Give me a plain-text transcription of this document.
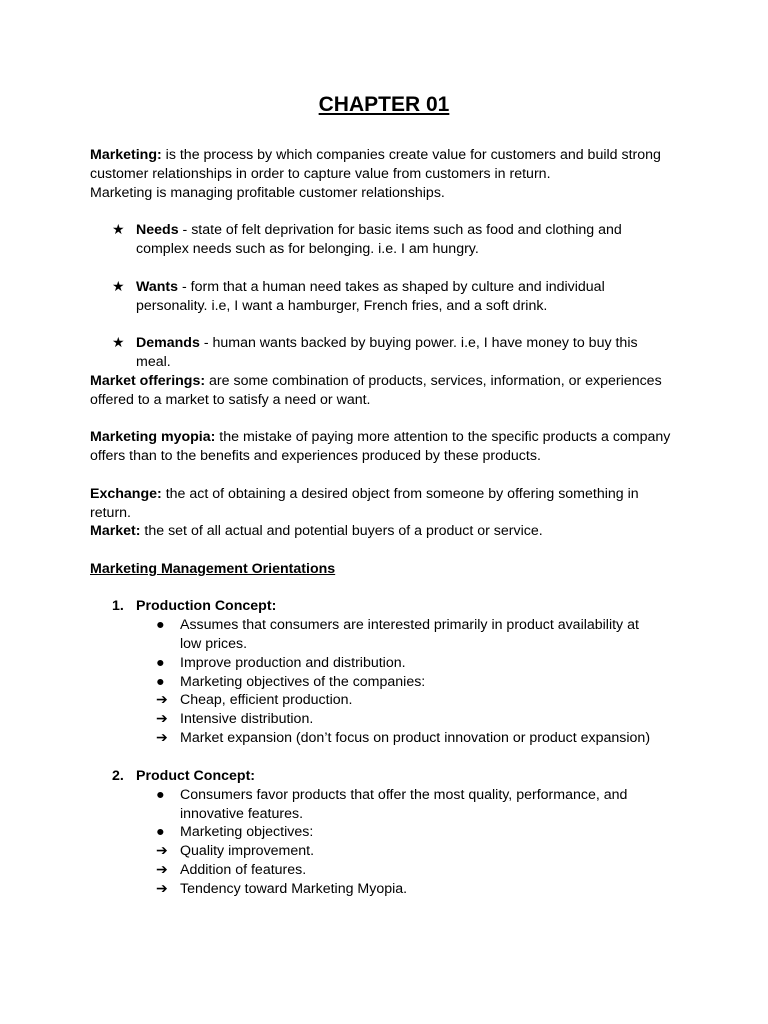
CHAPTER 01

Marketing: is the process by which companies create value for customers and build strong customer relationships in order to capture value from customers in return.

Marketing is managing profitable customer relationships.

★ Needs - state of felt deprivation for basic items such as food and clothing and complex needs such as for belonging. i.e. I am hungry.
★ Wants - form that a human need takes as shaped by culture and individual personality. i.e, I want a hamburger, French fries, and a soft drink.
★ Demands - human wants backed by buying power. i.e, I have money to buy this meal.

Market offerings: are some combination of products, services, information, or experiences offered to a market to satisfy a need or want.

Marketing myopia: the mistake of paying more attention to the specific products a company offers than to the benefits and experiences produced by these products.

Exchange: the act of obtaining a desired object from someone by offering something in return.

Market: the set of all actual and potential buyers of a product or service.

Marketing Management Orientations
1. Production Concept:
●	Assumes that consumers are interested primarily in product availability at low prices.
●	Improve production and distribution.
●	Marketing objectives of the companies:
➔ Cheap, efficient production.
➔ Intensive distribution.
➔ Market expansion (don’t focus on product innovation or product expansion)
2. Product Concept:
●	Consumers favor products that offer the most quality, performance, and innovative features.
●	Marketing objectives:
➔ Quality improvement.
➔ Addition of features.
➔ Tendency toward Marketing Myopia.
